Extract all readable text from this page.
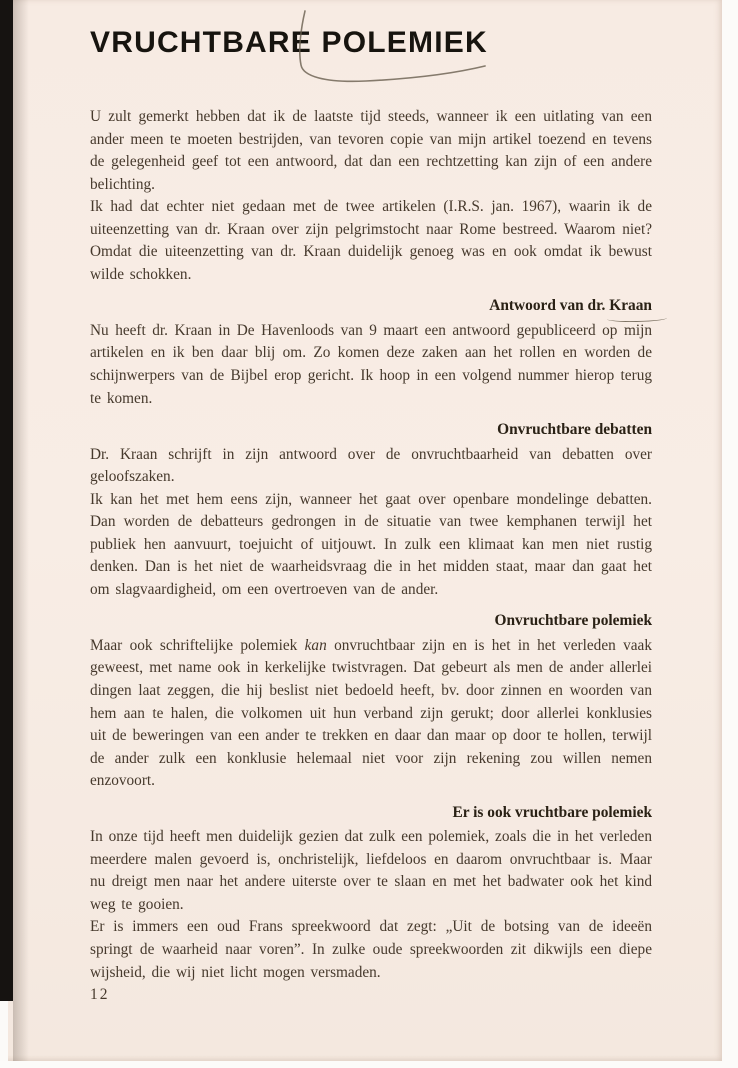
VRUCHTBARE POLEMIEK

U zult gemerkt hebben dat ik de laatste tijd steeds, wanneer ik een uitlating van een ander meen te moeten bestrijden, van tevoren copie van mijn artikel toezend en tevens de gelegenheid geef tot een antwoord, dat dan een rechtzetting kan zijn of een andere belichting.

Ik had dat echter niet gedaan met de twee artikelen (I.R.S. jan. 1967), waarin ik de uiteenzetting van dr. Kraan over zijn pelgrimstocht naar Rome bestreed. Waarom niet? Omdat die uiteenzetting van dr. Kraan duidelijk genoeg was en ook omdat ik bewust wilde schokken.

Antwoord van dr. Kraan

Nu heeft dr. Kraan in De Havenloods van 9 maart een antwoord gepubliceerd op mijn artikelen en ik ben daar blij om. Zo komen deze zaken aan het rollen en worden de schijnwerpers van de Bijbel erop gericht. Ik hoop in een volgend nummer hierop terug te komen.

Onvruchtbare debatten

Dr. Kraan schrijft in zijn antwoord over de onvruchtbaarheid van debatten over geloofszaken.

Ik kan het met hem eens zijn, wanneer het gaat over openbare mondelinge debatten. Dan worden de debatteurs gedrongen in de situatie van twee kemphanen terwijl het publiek hen aanvuurt, toejuicht of uitjouwt. In zulk een klimaat kan men niet rustig denken. Dan is het niet de waarheidsvraag die in het midden staat, maar dan gaat het om slagvaardigheid, om een overtroeven van de ander.

Onvruchtbare polemiek

Maar ook schriftelijke polemiek kan onvruchtbaar zijn en is het in het verleden vaak geweest, met name ook in kerkelijke twistvragen. Dat gebeurt als men de ander allerlei dingen laat zeggen, die hij beslist niet bedoeld heeft, bv. door zinnen en woorden van hem aan te halen, die volkomen uit hun verband zijn gerukt; door allerlei konklusies uit de beweringen van een ander te trekken en daar dan maar op door te hollen, terwijl de ander zulk een konklusie helemaal niet voor zijn rekening zou willen nemen enzovoort.

Er is ook vruchtbare polemiek

In onze tijd heeft men duidelijk gezien dat zulk een polemiek, zoals die in het verleden meerdere malen gevoerd is, onchristelijk, liefdeloos en daarom onvruchtbaar is. Maar nu dreigt men naar het andere uiterste over te slaan en met het badwater ook het kind weg te gooien.

Er is immers een oud Frans spreekwoord dat zegt: „Uit de botsing van de ideeën springt de waarheid naar voren”. In zulke oude spreekwoorden zit dikwijls een diepe wijsheid, die wij niet licht mogen versmaden.

12
